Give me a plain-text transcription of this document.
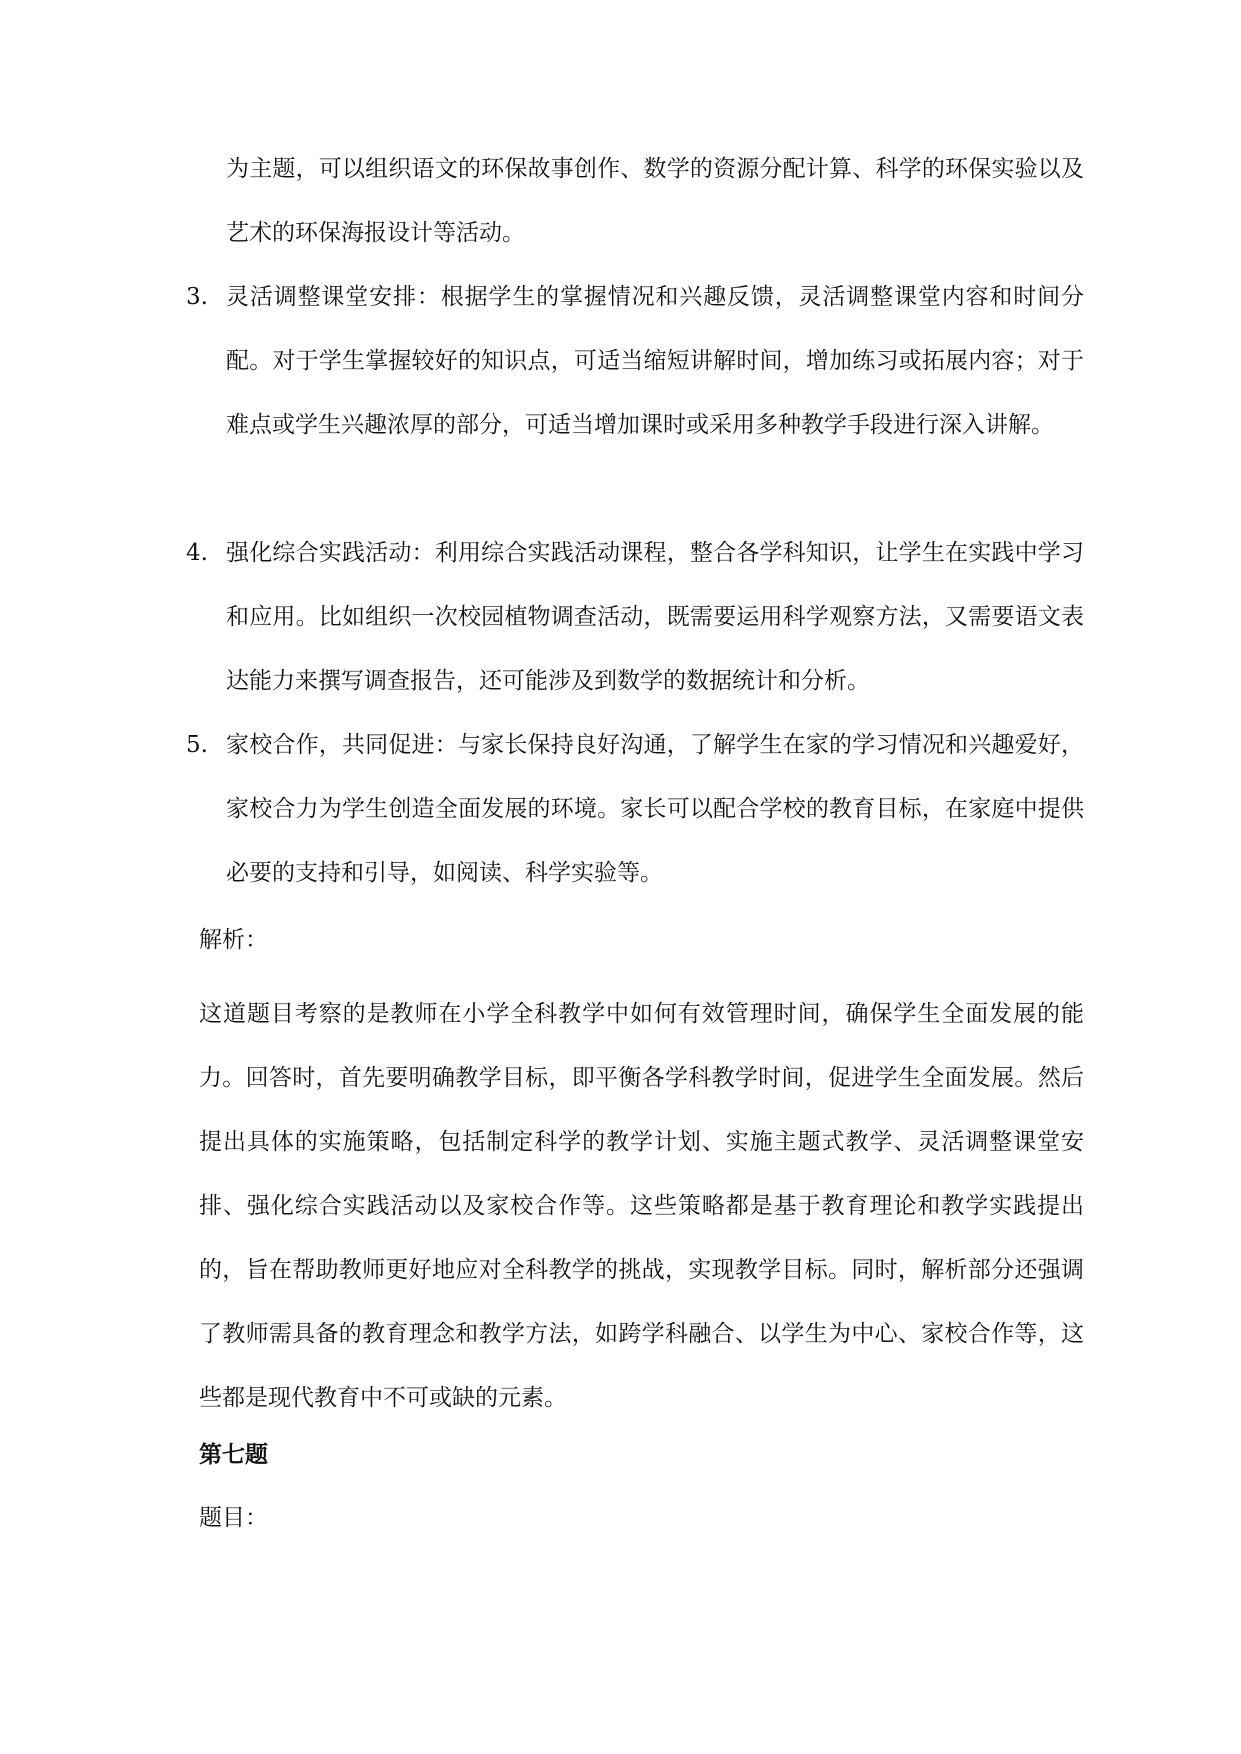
为主题，可以组织语文的环保故事创作、数学的资源分配计算、科学的环保实验以及艺术的环保海报设计等活动。
3. 灵活调整课堂安排：根据学生的掌握情况和兴趣反馈，灵活调整课堂内容和时间分配。对于学生掌握较好的知识点，可适当缩短讲解时间，增加练习或拓展内容；对于难点或学生兴趣浓厚的部分，可适当增加课时或采用多种教学手段进行深入讲解。
4. 强化综合实践活动：利用综合实践活动课程，整合各学科知识，让学生在实践中学习和应用。比如组织一次校园植物调查活动，既需要运用科学观察方法，又需要语文表达能力来撰写调查报告，还可能涉及到数学的数据统计和分析。
5. 家校合作，共同促进：与家长保持良好沟通，了解学生在家的学习情况和兴趣爱好，家校合力为学生创造全面发展的环境。家长可以配合学校的教育目标，在家庭中提供必要的支持和引导，如阅读、科学实验等。
解析：
这道题目考察的是教师在小学全科教学中如何有效管理时间，确保学生全面发展的能力。回答时，首先要明确教学目标，即平衡各学科教学时间，促进学生全面发展。然后提出具体的实施策略，包括制定科学的教学计划、实施主题式教学、灵活调整课堂安排、强化综合实践活动以及家校合作等。这些策略都是基于教育理论和教学实践提出的，旨在帮助教师更好地应对全科教学的挑战，实现教学目标。同时，解析部分还强调了教师需具备的教育理念和教学方法，如跨学科融合、以学生为中心、家校合作等，这些都是现代教育中不可或缺的元素。
第七题
题目：
